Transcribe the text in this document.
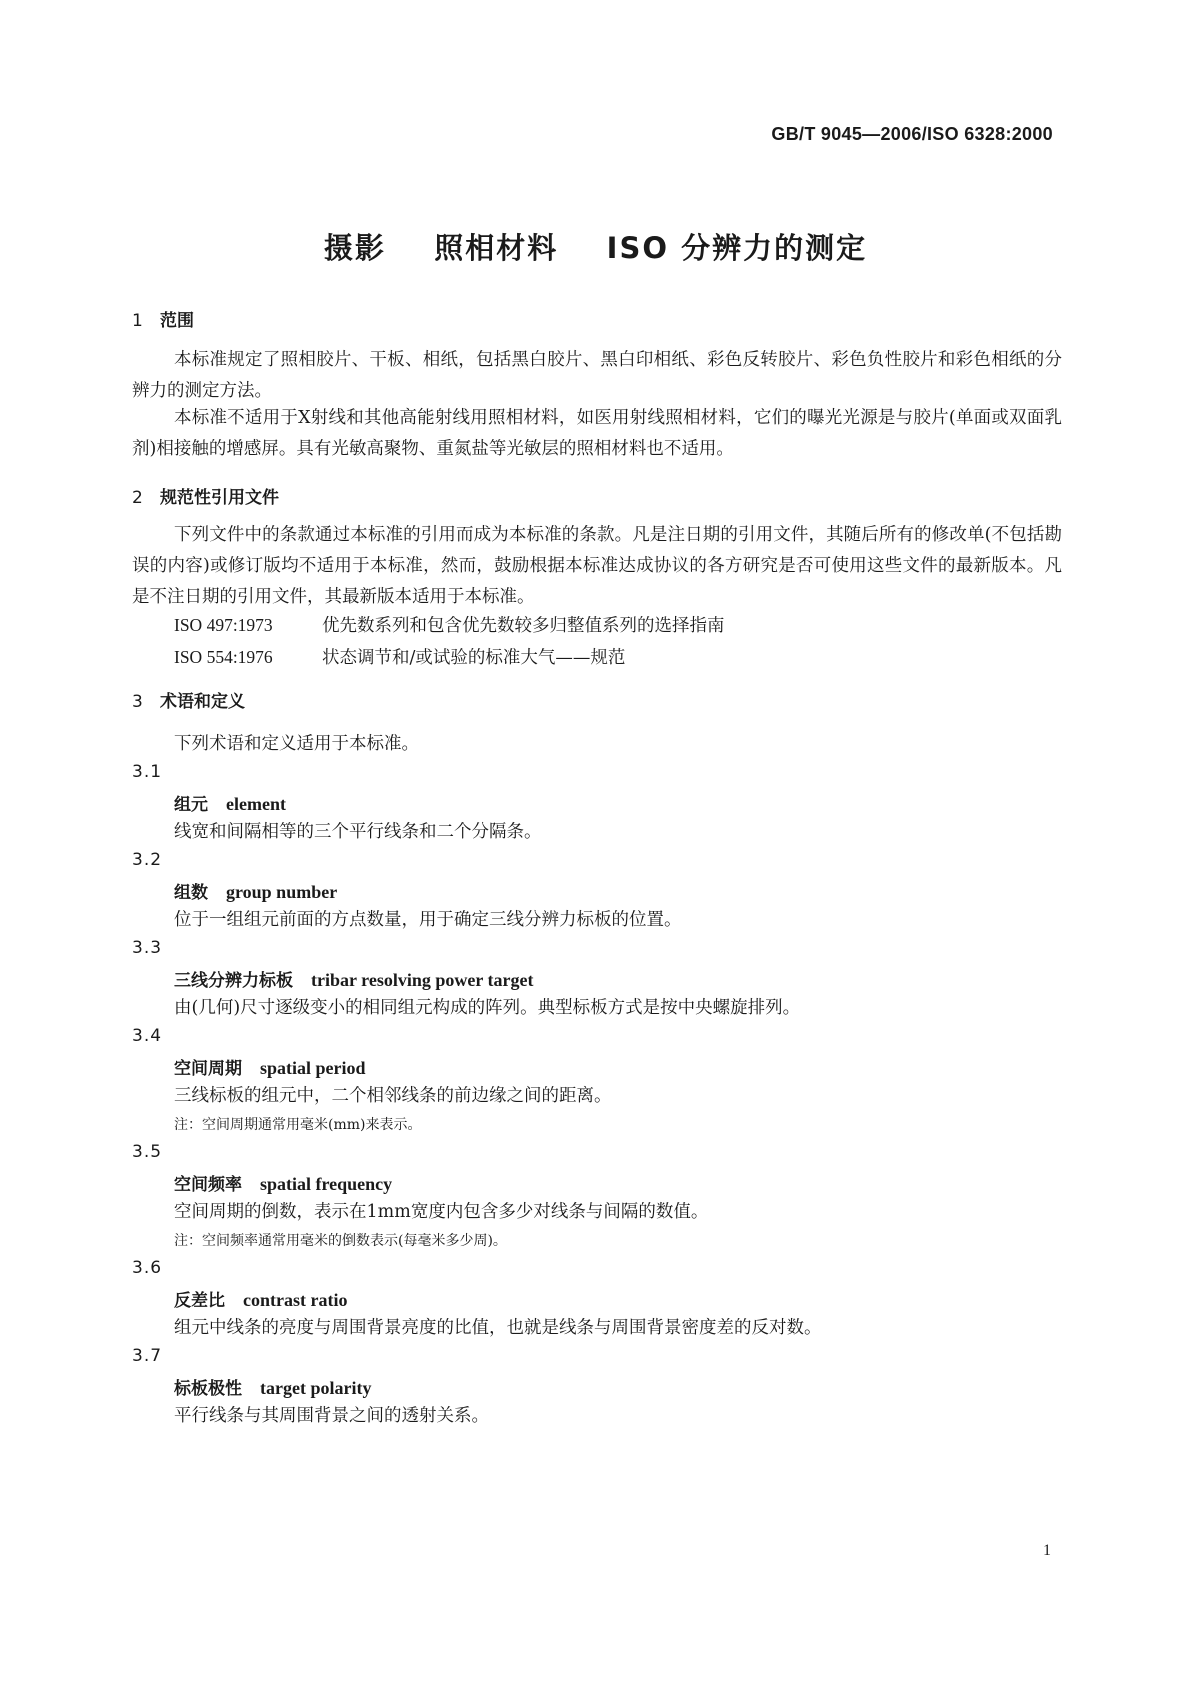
GB/T 9045—2006/ISO 6328:2000
摄影    照相材料    ISO 分辨力的测定
1 范围
本标准规定了照相胶片、干板、相纸，包括黑白胶片、黑白印相纸、彩色反转胶片、彩色负性胶片和彩色相纸的分辨力的测定方法。
本标准不适用于X射线和其他高能射线用照相材料，如医用射线照相材料，它们的曝光光源是与胶片(单面或双面乳剂)相接触的增感屏。具有光敏高聚物、重氮盐等光敏层的照相材料也不适用。
2 规范性引用文件
下列文件中的条款通过本标准的引用而成为本标准的条款。凡是注日期的引用文件，其随后所有的修改单(不包括勘误的内容)或修订版均不适用于本标准，然而，鼓励根据本标准达成协议的各方研究是否可使用这些文件的最新版本。凡是不注日期的引用文件，其最新版本适用于本标准。
ISO 497:1973	优先数系列和包含优先数较多归整值系列的选择指南
ISO 554:1976	状态调节和/或试验的标准大气——规范
3 术语和定义
下列术语和定义适用于本标准。
3.1
组元 element
线宽和间隔相等的三个平行线条和二个分隔条。
3.2
组数 group number
位于一组组元前面的方点数量，用于确定三线分辨力标板的位置。
3.3
三线分辨力标板 tribar resolving power target
由(几何)尺寸逐级变小的相同组元构成的阵列。典型标板方式是按中央螺旋排列。
3.4
空间周期 spatial period
三线标板的组元中，二个相邻线条的前边缘之间的距离。
注：空间周期通常用毫米(mm)来表示。
3.5
空间频率 spatial frequency
空间周期的倒数，表示在1mm宽度内包含多少对线条与间隔的数值。
注：空间频率通常用毫米的倒数表示(每毫米多少周)。
3.6
反差比 contrast ratio
组元中线条的亮度与周围背景亮度的比值，也就是线条与周围背景密度差的反对数。
3.7
标板极性 target polarity
平行线条与其周围背景之间的透射关系。
1
